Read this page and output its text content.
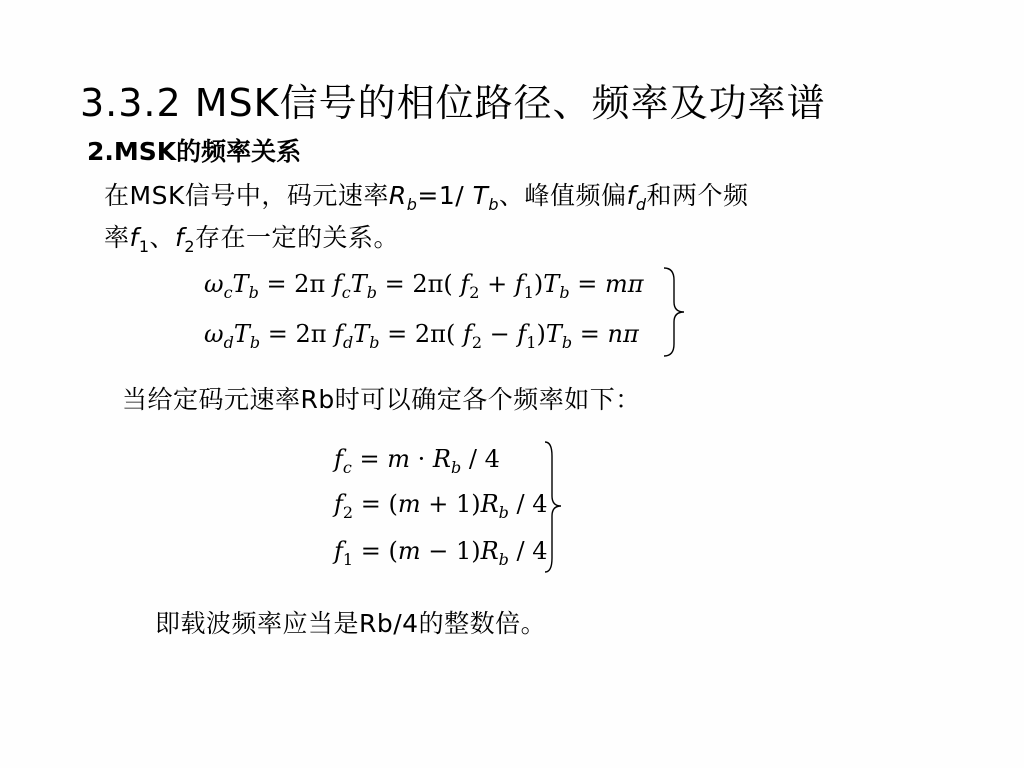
3.3.2 MSK信号的相位路径、频率及功率谱
2.MSK的频率关系
在MSK信号中，码元速率$R_b=1/$ $T_b$、峰值频偏$f_d$和两个频
率$f_1$、$f_2$存在一定的关系。
$\omega_cT_b = 2\pi$ $f_cT_b = 2\pi$( $f_2 + f_1)T_b = m\pi$
$\omega_dT_b = 2\pi$ $f_dT_b = 2\pi$( $f_2 - f_1)T_b = n\pi$
当给定码元速率Rb时可以确定各个频率如下：
$f_c = m \cdot R_b / 4$
$f_2 = (m + 1)R_b / 4$
$f_1 = (m - 1)R_b / 4$
即载波频率应当是Rb/4的整数倍。
